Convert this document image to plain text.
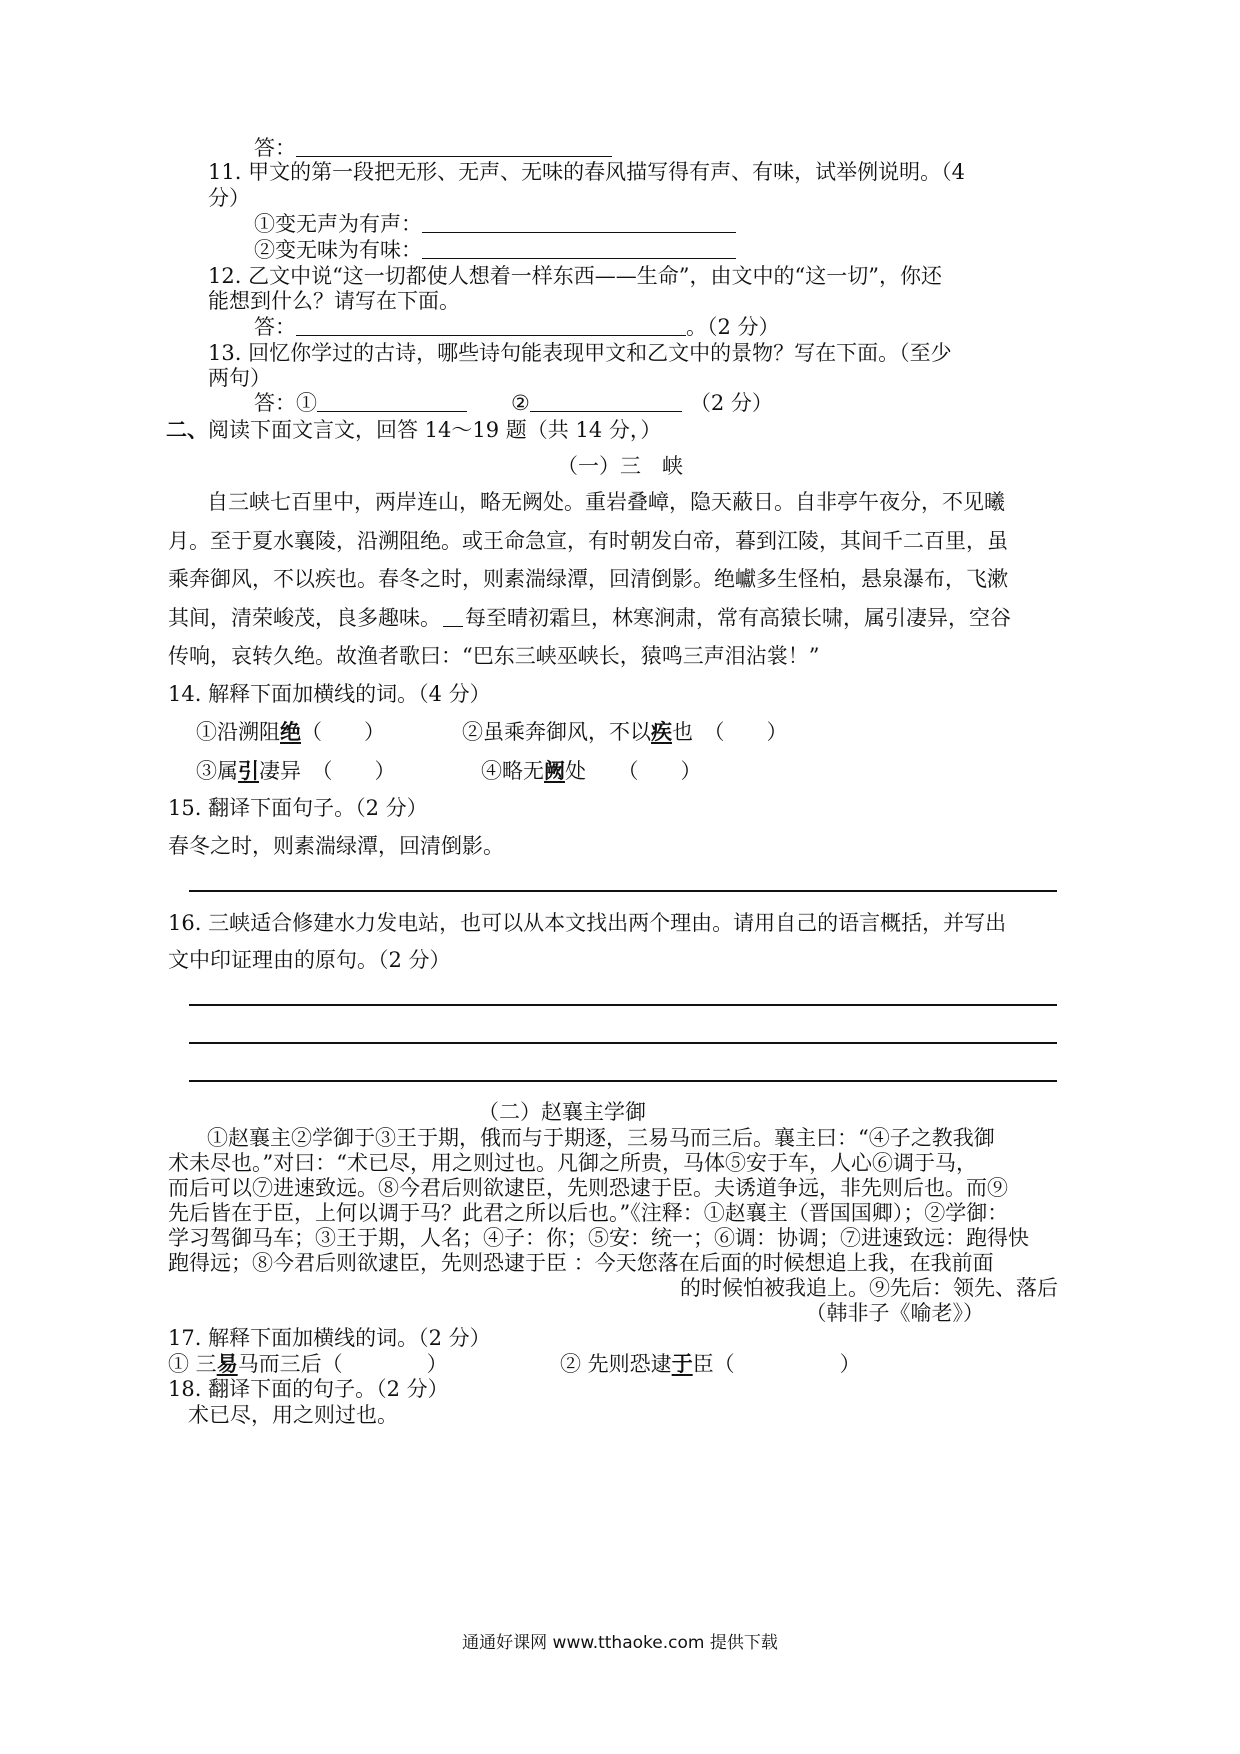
答：
11. 甲文的第一段把无形、无声、无味的春风描写得有声、有味，试举例说明。（4
分）
①变无声为有声：
②变无味为有味：
12. 乙文中说“这一切都使人想着一样东西——生命”，由文中的“这一切”，你还
能想到什么？请写在下面。
答：	。（2 分）
13. 回忆你学过的古诗，哪些诗句能表现甲文和乙文中的景物？写在下面。（至少
两句）
答：①	②	（2 分）
二、阅读下面文言文，回答 14～19 题（共 14 分，）
（一）三　峡
自三峡七百里中，两岸连山，略无阙处。重岩叠嶂，隐天蔽日。自非亭午夜分，不见曦
月。至于夏水襄陵，沿溯阻绝。或王命急宣，有时朝发白帝，暮到江陵，其间千二百里，虽
乘奔御风，不以疾也。春冬之时，则素湍绿潭，回清倒影。绝巘多生怪柏，悬泉瀑布，飞漱
其间，清荣峻茂，良多趣味。 每至晴初霜旦，林寒涧肃，常有高猿长啸，属引凄异，空谷
传响，哀转久绝。故渔者歌曰：“巴东三峡巫峡长，猿鸣三声泪沾裳！”
14. 解释下面加横线的词。（4 分）
①沿溯阻绝（　　）	②虽乘奔御风，不以疾也　（　　）
③属引凄异　（　　）	④略无阙处　　（　　）
15. 翻译下面句子。（2 分）
春冬之时，则素湍绿潭，回清倒影。
16. 三峡适合修建水力发电站，也可以从本文找出两个理由。请用自己的语言概括，并写出
文中印证理由的原句。（2 分）
（二）赵襄主学御
①赵襄主②学御于③王于期，俄而与于期逐，三易马而三后。襄主曰：“④子之教我御
术未尽也。”对曰：“术已尽，用之则过也。凡御之所贵，马体⑤安于车，人心⑥调于马，
而后可以⑦进速致远。⑧今君后则欲逮臣，先则恐逮于臣。夫诱道争远，非先则后也。而⑨
先后皆在于臣，上何以调于马？此君之所以后也。”《注释：①赵襄主（晋国国卿）；②学御：
学习驾御马车；③王于期，人名；④子：你；⑤安：统一；⑥调：协调；⑦进速致远：跑得快
跑得远；⑧今君后则欲逮臣，先则恐逮于臣 ：今天您落在后面的时候想追上我，在我前面
的时候怕被我追上。⑨先后：领先、落后
（韩非子《喻老》）
17. 解释下面加横线的词。（2 分）
① 三易马而三后（　　　　）	② 先则恐逮于臣（　　　　　）
18. 翻译下面的句子。（2 分）
术已尽，用之则过也。
通通好课网 www.tthaoke.com 提供下载
